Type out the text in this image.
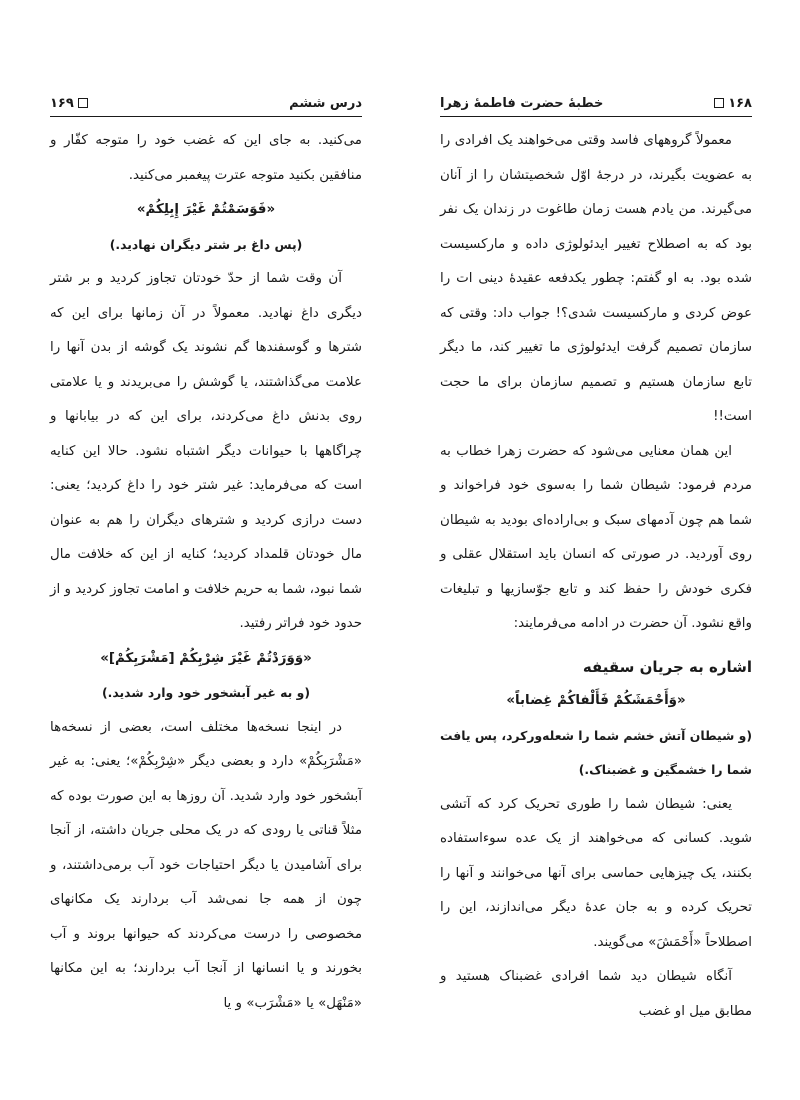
۱۶۸
خطبهٔ حضرت فاطمهٔ زهرا

معمولاً گروههای فاسد وقتی می‌خواهند یک افرادی را به عضویت بگیرند، در درجهٔ اوّل شخصیتشان را از آنان می‌گیرند. من یادم هست زمان طاغوت در زندان یک نفر بود که به اصطلاح تغییر ایدئولوژی داده و مارکسیست شده بود. به او گفتم: چطور یکدفعه عقیدهٔ دینی ات را عوض کردی و مارکسیست شدی؟! جواب داد: وقتی که سازمان تصمیم گرفت ایدئولوژی ما تغییر کند، ما دیگر تابع سازمان هستیم و تصمیم سازمان برای ما حجت است!!

این همان معنایی می‌شود که حضرت زهرا خطاب به مردم فرمود: شیطان شما را به‌سوی خود فراخواند و شما هم چون آدمهای سبک و بی‌اراده‌ای بودید به شیطان روی آوردید. در صورتی که انسان باید استقلال عقلی و فکری خودش را حفظ کند و تابع جوّسازیها و تبلیغات واقع نشود. آن حضرت در ادامه می‌فرمایند:

اشاره به جریان سقیفه

«وَأَحْمَشَكُمْ فَأَلْفاكُمْ غِضاباً»

(و شیطان آتش خشم شما را شعله‌ورکرد، پس یافت شما را خشمگین و غضبناک.)

یعنی: شیطان شما را طوری تحریک کرد که آتشی شوید. کسانی که می‌خواهند از یک عده سوءاستفاده بکنند، یک چیزهایی حماسی برای آنها می‌خوانند و آنها را تحریک کرده و به جان عدهٔ دیگر می‌اندازند، این را اصطلاحاً «أَحْمَشَ» می‌گویند.

آنگاه شیطان دید شما افرادی غضبناک هستید و مطابق میل او غضب

درس ششم
۱۶۹

می‌کنید. به جای این که غضب خود را متوجه کفّار و منافقین بکنید متوجه عترت پیغمبر می‌کنید.

«فَوَسَمْتُمْ غَيْرَ إِبِلِكُمْ»

(پس داغ بر شتر دیگران نهادید.)

آن وقت شما از حدّ خودتان تجاوز کردید و بر شتر دیگری داغ نهادید. معمولاً در آن زمانها برای این که شترها و گوسفندها گم نشوند یک گوشه از بدن آنها را علامت می‌گذاشتند، یا گوشش را می‌بریدند و یا علامتی روی بدنش داغ می‌کردند، برای این که در بیابانها و چراگاهها با حیوانات دیگر اشتباه نشود. حالا این کنایه است که می‌فرماید: غیر شتر خود را داغ کردید؛ یعنی: دست درازی کردید و شترهای دیگران را هم به عنوان مال خودتان قلمداد کردید؛ کنایه از این که خلافت مال شما نبود، شما به حریم خلافت و امامت تجاوز کردید و از حدود خود فراتر رفتید.

«وَوَرَدْتُمْ غَيْرَ شِرْبِكُمْ [مَشْرَبِكُمْ]»

(و به غیر آبشخور خود وارد شدید.)

در اینجا نسخه‌ها مختلف است، بعضی از نسخه‌ها «مَشْرَبِكُمْ» دارد و بعضی دیگر «شِرْبِكُمْ»؛ یعنی: به غیر آبشخور خود وارد شدید. آن روزها به این صورت بوده که مثلاً قناتی یا رودی که در یک محلی جریان داشته، از آنجا برای آشامیدن یا دیگر احتیاجات خود آب برمی‌داشتند، و چون از همه جا نمی‌شد آب بردارند یک مکانهای مخصوصی را درست می‌کردند که حیوانها بروند و آب بخورند و یا انسانها از آنجا آب بردارند؛ به این مکانها «مَنْهَل» یا «مَشْرَب» و یا
